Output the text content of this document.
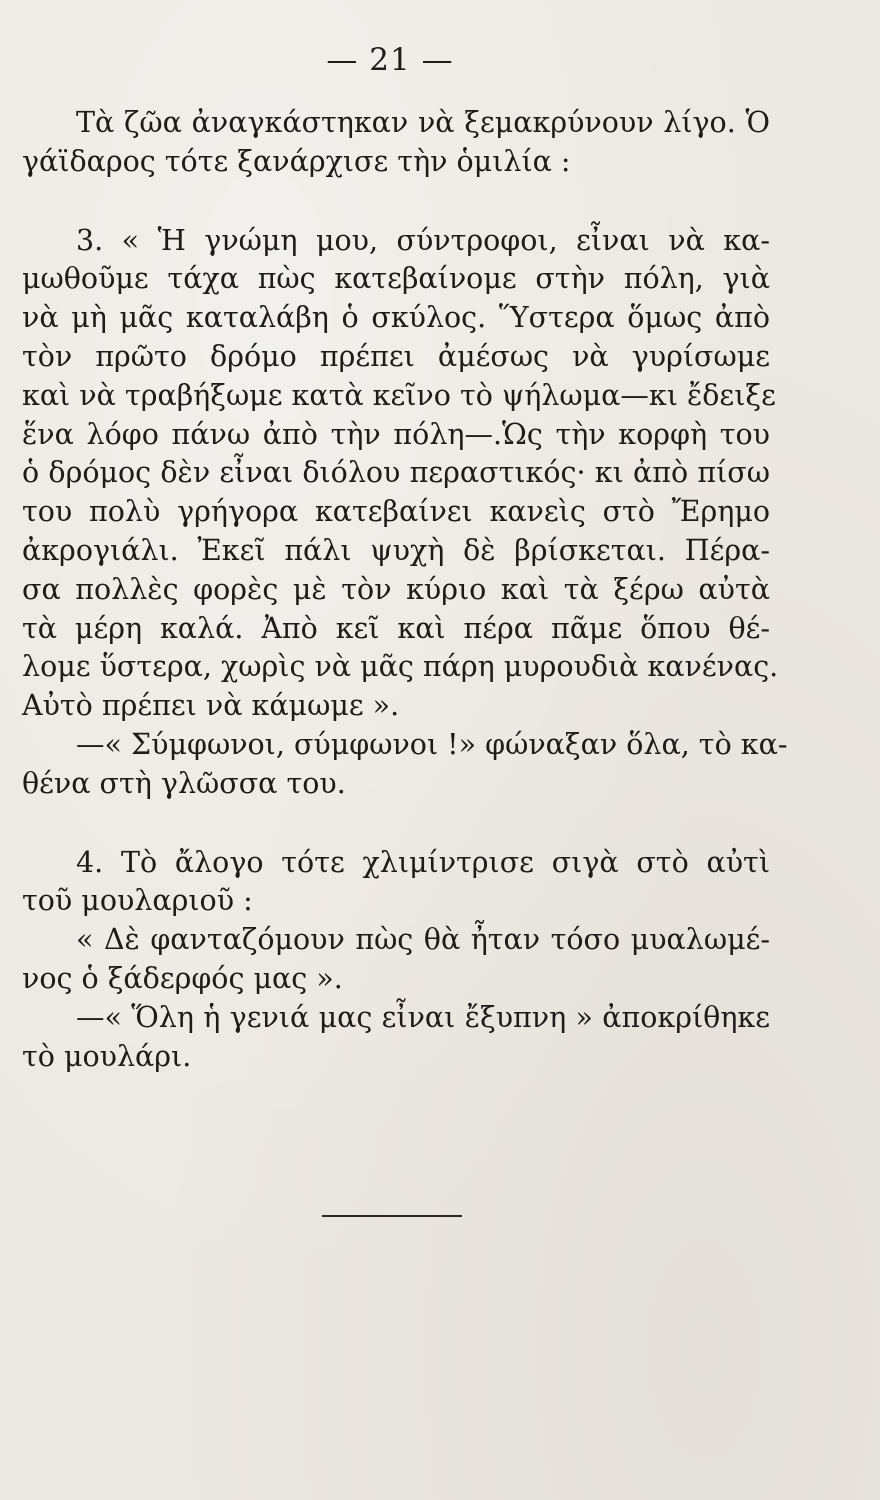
— 21 —
Τὰ ζῶα ἀναγκάστηκαν νὰ ξεμακρύνουν λίγο. Ὁ
γάϊδαρος τότε ξανάρχισε τὴν ὁμιλία :
3. « Ἡ γνώμη μου, σύντροφοι, εἶναι νὰ κα-
μωθοῦμε τάχα πὼς κατεβαίνομε στὴν πόλη, γιὰ
νὰ μὴ μᾶς καταλάβη ὁ σκύλος. Ὕστερα ὅμως ἀπὸ
τὸν πρῶτο δρόμο πρέπει ἀμέσως νὰ γυρίσωμε
καὶ νὰ τραβήξωμε κατὰ κεῖνο τὸ ψήλωμα—κι ἔδειξε
ἕνα λόφο πάνω ἀπὸ τὴν πόλη—.Ὡς τὴν κορφὴ του
ὁ δρόμος δὲν εἶναι διόλου περαστικός· κι ἀπὸ πίσω
του πολὺ γρήγορα κατεβαίνει κανεὶς στὸ Ἔρημο
ἀκρογιάλι. Ἐκεῖ πάλι ψυχὴ δὲ βρίσκεται. Πέρα-
σα πολλὲς φορὲς μὲ τὸν κύριο καὶ τὰ ξέρω αὐτὰ
τὰ μέρη καλά. Ἀπὸ κεῖ καὶ πέρα πᾶμε ὅπου θέ-
λομε ὕστερα, χωρὶς νὰ μᾶς πάρη μυρουδιὰ κανένας.
Αὐτὸ πρέπει νὰ κάμωμε ».
—« Σύμφωνοι, σύμφωνοι !» φώναξαν ὅλα, τὸ κα-
θένα στὴ γλῶσσα του.
4. Τὸ ἄλογο τότε χλιμίντρισε σιγὰ στὸ αὐτὶ
τοῦ μουλαριοῦ :
« Δὲ φανταζόμουν πὼς θὰ ἦταν τόσο μυαλωμέ-
νος ὁ ξάδερφός μας ».
—« Ὅλη ἡ γενιά μας εἶναι ἔξυπνη » ἀποκρίθηκε
τὸ μουλάρι.
